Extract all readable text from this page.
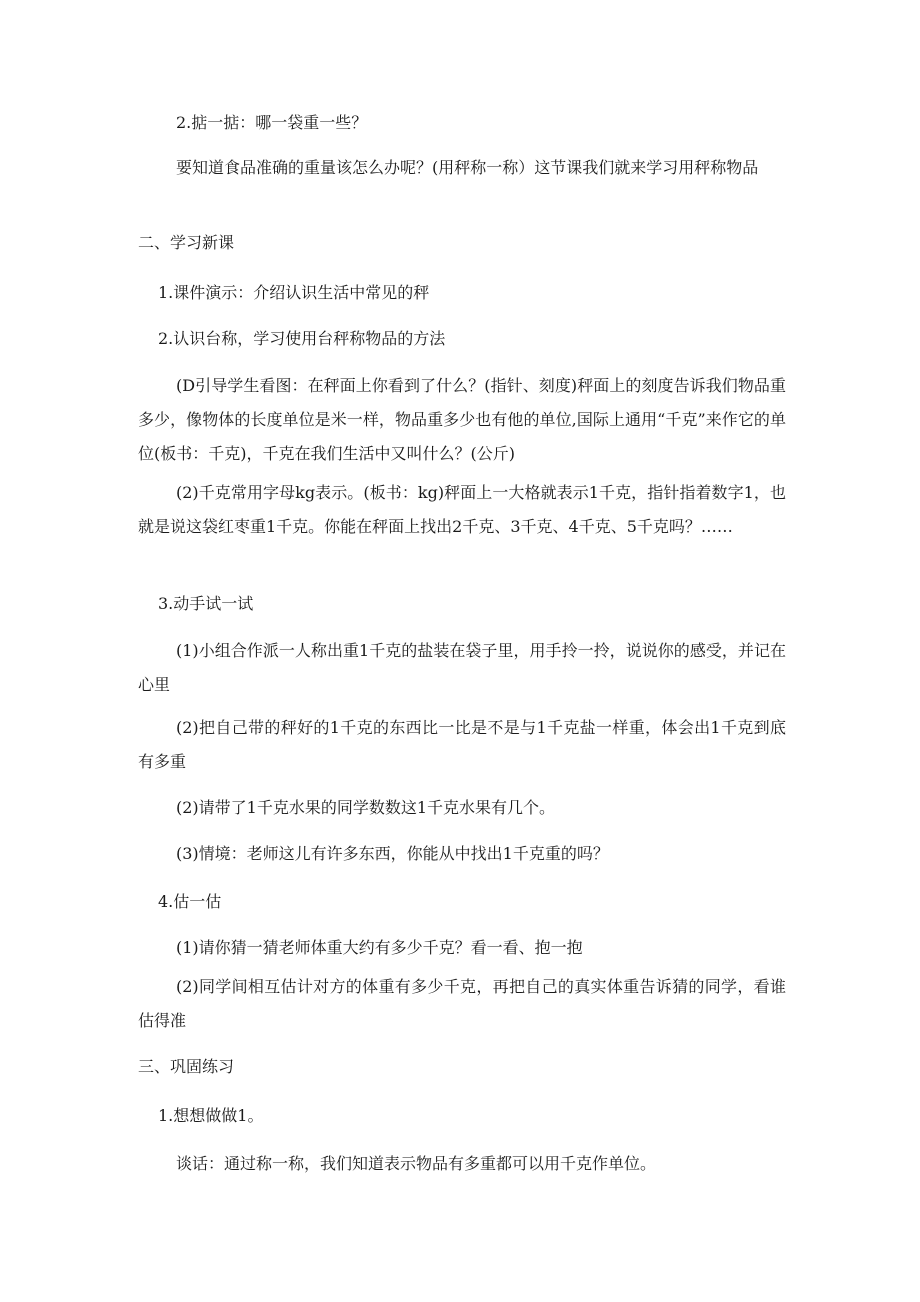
2.掂一掂：哪一袋重一些？

要知道食品准确的重量该怎么办呢？(用秤称一称）这节课我们就来学习用秤称物品

二、学习新课

1.课件演示：介绍认识生活中常见的秤

2.认识台称，学习使用台秤称物品的方法

(D引导学生看图：在秤面上你看到了什么？(指针、刻度)秤面上的刻度告诉我们物品重多少，像物体的长度单位是米一样，物品重多少也有他的单位,国际上通用“千克”来作它的单位(板书：千克)，千克在我们生活中又叫什么？(公斤)

(2)千克常用字母kg表示。(板书：kg)秤面上一大格就表示1千克，指针指着数字1，也就是说这袋红枣重1千克。你能在秤面上找出2千克、3千克、4千克、5千克吗？……

3.动手试一试

(1)小组合作派一人称出重1千克的盐装在袋子里，用手拎一拎，说说你的感受，并记在心里

(2)把自己带的秤好的1千克的东西比一比是不是与1千克盐一样重，体会出1千克到底有多重

(2)请带了1千克水果的同学数数这1千克水果有几个。

(3)情境：老师这儿有许多东西，你能从中找出1千克重的吗？

4.估一估

(1)请你猜一猜老师体重大约有多少千克？看一看、抱一抱

(2)同学间相互估计对方的体重有多少千克，再把自己的真实体重告诉猜的同学，看谁估得准

三、巩固练习

1.想想做做1。

谈话：通过称一称，我们知道表示物品有多重都可以用千克作单位。
